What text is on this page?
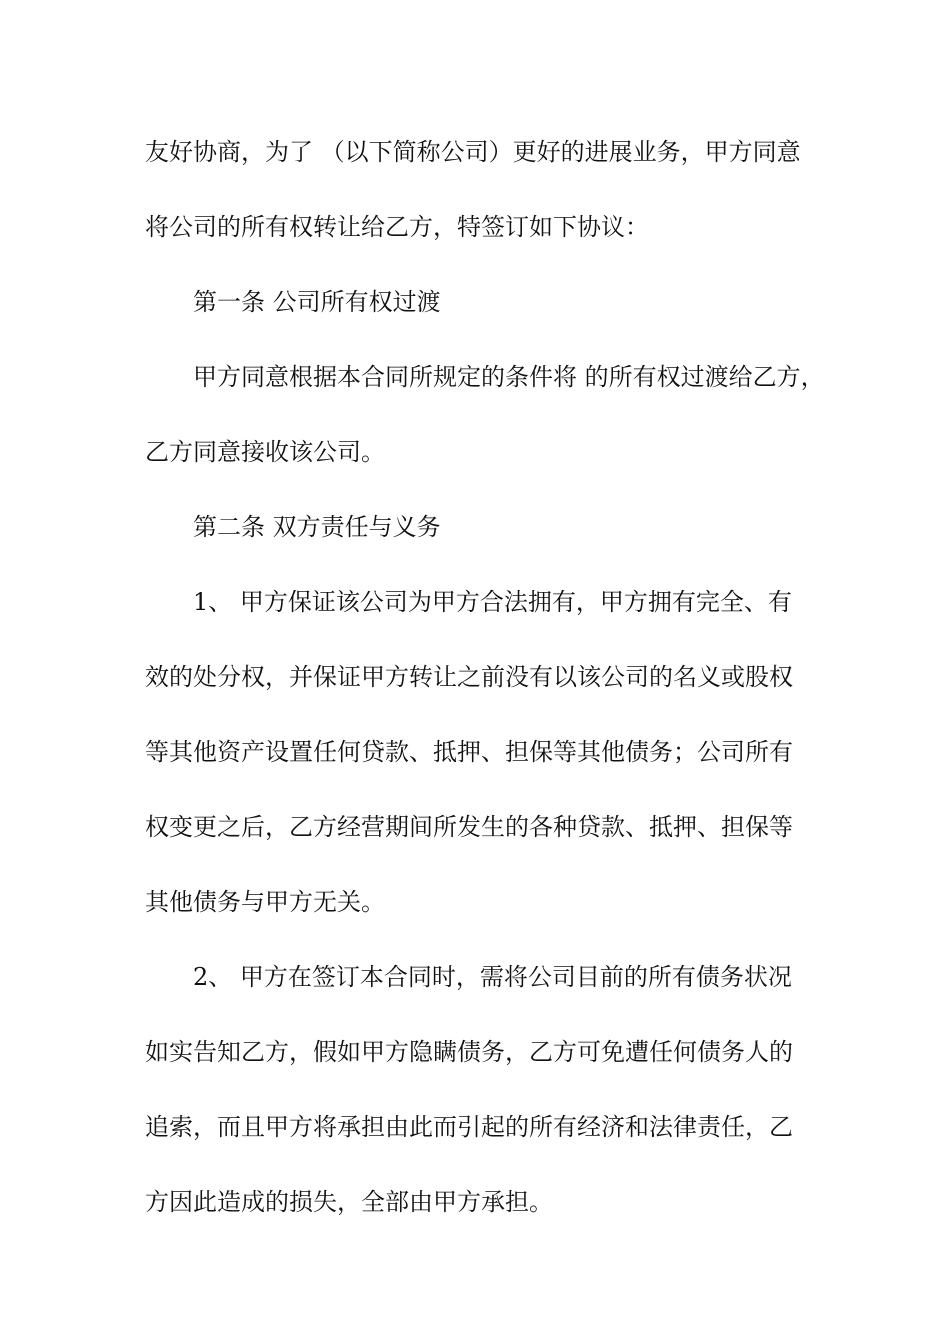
友好协商，为了 （以下简称公司）更好的进展业务，甲方同意
将公司的所有权转让给乙方，特签订如下协议：
第一条 公司所有权过渡
甲方同意根据本合同所规定的条件将 的所有权过渡给乙方，
乙方同意接收该公司。
第二条 双方责任与义务
1、 甲方保证该公司为甲方合法拥有，甲方拥有完全、有
效的处分权，并保证甲方转让之前没有以该公司的名义或股权
等其他资产设置任何贷款、抵押、担保等其他债务；公司所有
权变更之后，乙方经营期间所发生的各种贷款、抵押、担保等
其他债务与甲方无关。
2、 甲方在签订本合同时，需将公司目前的所有债务状况
如实告知乙方，假如甲方隐瞒债务，乙方可免遭任何债务人的
追索，而且甲方将承担由此而引起的所有经济和法律责任，乙
方因此造成的损失，全部由甲方承担。
